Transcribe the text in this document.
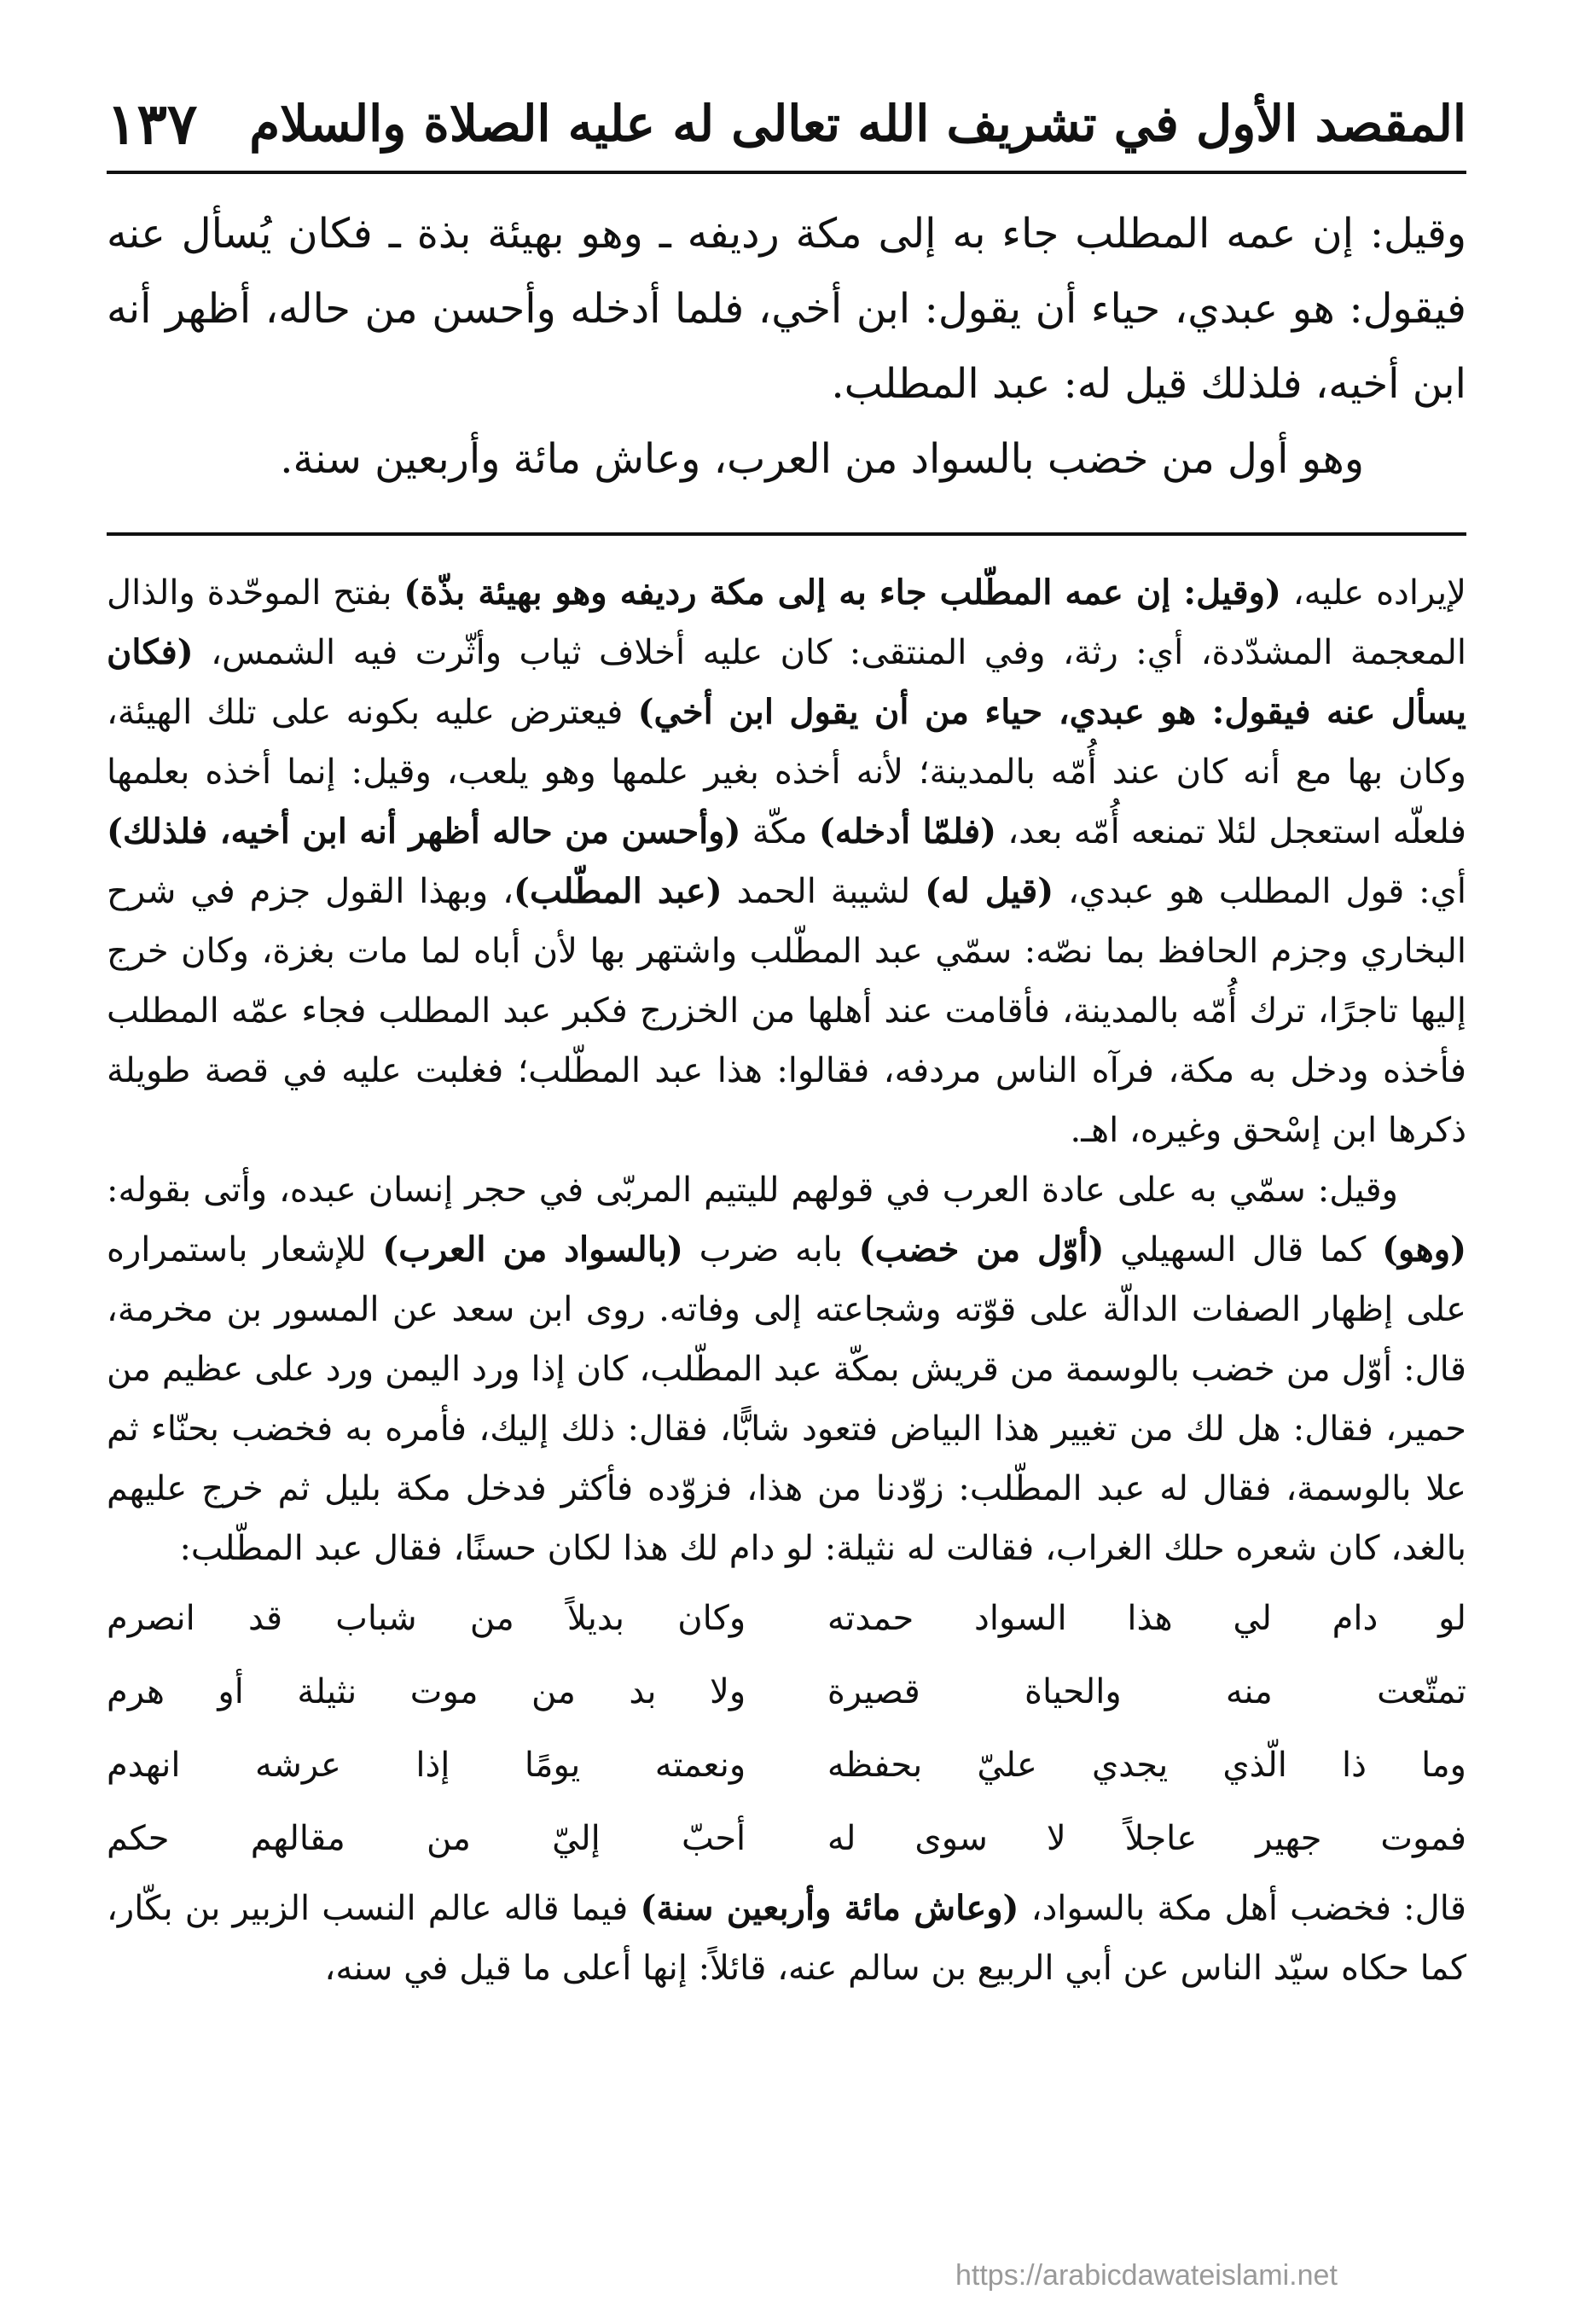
المقصد الأول في تشريف الله تعالى له عليه الصلاة والسلام
١٣٧

وقيل: إن عمه المطلب جاء به إلى مكة رديفه ـ وهو بهيئة بذة ـ فكان يُسأل عنه فيقول: هو عبدي، حياء أن يقول: ابن أخي، فلما أدخله وأحسن من حاله، أظهر أنه ابن أخيه، فلذلك قيل له: عبد المطلب.

وهو أول من خضب بالسواد من العرب، وعاش مائة وأربعين سنة.

لإيراده عليه، (وقيل: إن عمه المطّلب جاء به إلى مكة رديفه وهو بهيئة بذّة) بفتح الموحّدة والذال المعجمة المشدّدة، أي: رثة، وفي المنتقى: كان عليه أخلاف ثياب وأثّرت فيه الشمس، (فكان يسأل عنه فيقول: هو عبدي، حياء من أن يقول ابن أخي) فيعترض عليه بكونه على تلك الهيئة، وكان بها مع أنه كان عند أُمّه بالمدينة؛ لأنه أخذه بغير علمها وهو يلعب، وقيل: إنما أخذه بعلمها فلعلّه استعجل لئلا تمنعه أُمّه بعد، (فلمّا أدخله) مكّة (وأحسن من حاله أظهر أنه ابن أخيه، فلذلك) أي: قول المطلب هو عبدي، (قيل له) لشيبة الحمد (عبد المطّلب)، وبهذا القول جزم في شرح البخاري وجزم الحافظ بما نصّه: سمّي عبد المطّلب واشتهر بها لأن أباه لما مات بغزة، وكان خرج إليها تاجرًا، ترك أُمّه بالمدينة، فأقامت عند أهلها من الخزرج فكبر عبد المطلب فجاء عمّه المطلب فأخذه ودخل به مكة، فرآه الناس مردفه، فقالوا: هذا عبد المطّلب؛ فغلبت عليه في قصة طويلة ذكرها ابن إسْحق وغيره، اهـ.

وقيل: سمّي به على عادة العرب في قولهم لليتيم المربّى في حجر إنسان عبده، وأتى بقوله: (وهو) كما قال السهيلي (أوّل من خضب) بابه ضرب (بالسواد من العرب) للإشعار باستمراره على إظهار الصفات الدالّة على قوّته وشجاعته إلى وفاته. روى ابن سعد عن المسور بن مخرمة، قال: أوّل من خضب بالوسمة من قريش بمكّة عبد المطّلب، كان إذا ورد اليمن ورد على عظيم من حمير، فقال: هل لك من تغيير هذا البياض فتعود شابًّا، فقال: ذلك إليك، فأمره به فخضب بحنّاء ثم علا بالوسمة، فقال له عبد المطّلب: زوّدنا من هذا، فزوّده فأكثر فدخل مكة بليل ثم خرج عليهم بالغد، كان شعره حلك الغراب، فقالت له نثيلة: لو دام لك هذا لكان حسنًا، فقال عبد المطّلب:

لو دام لي هذا السواد حمدته
وكان بديلاً من شباب قد انصرم
تمتّعت منه والحياة قصيرة
ولا بد من موت نثيلة أو هرم
وما ذا الّذي يجدي عليّ بحفظه
ونعمته يومًا إذا عرشه انهدم
فموت جهير عاجلاً لا سوى له
أحبّ إليّ من مقالهم حكم

قال: فخضب أهل مكة بالسواد، (وعاش مائة وأربعين سنة) فيما قاله عالم النسب الزبير بن بكّار، كما حكاه سيّد الناس عن أبي الربيع بن سالم عنه، قائلاً: إنها أعلى ما قيل في سنه،

https://arabicdawateislami.net
